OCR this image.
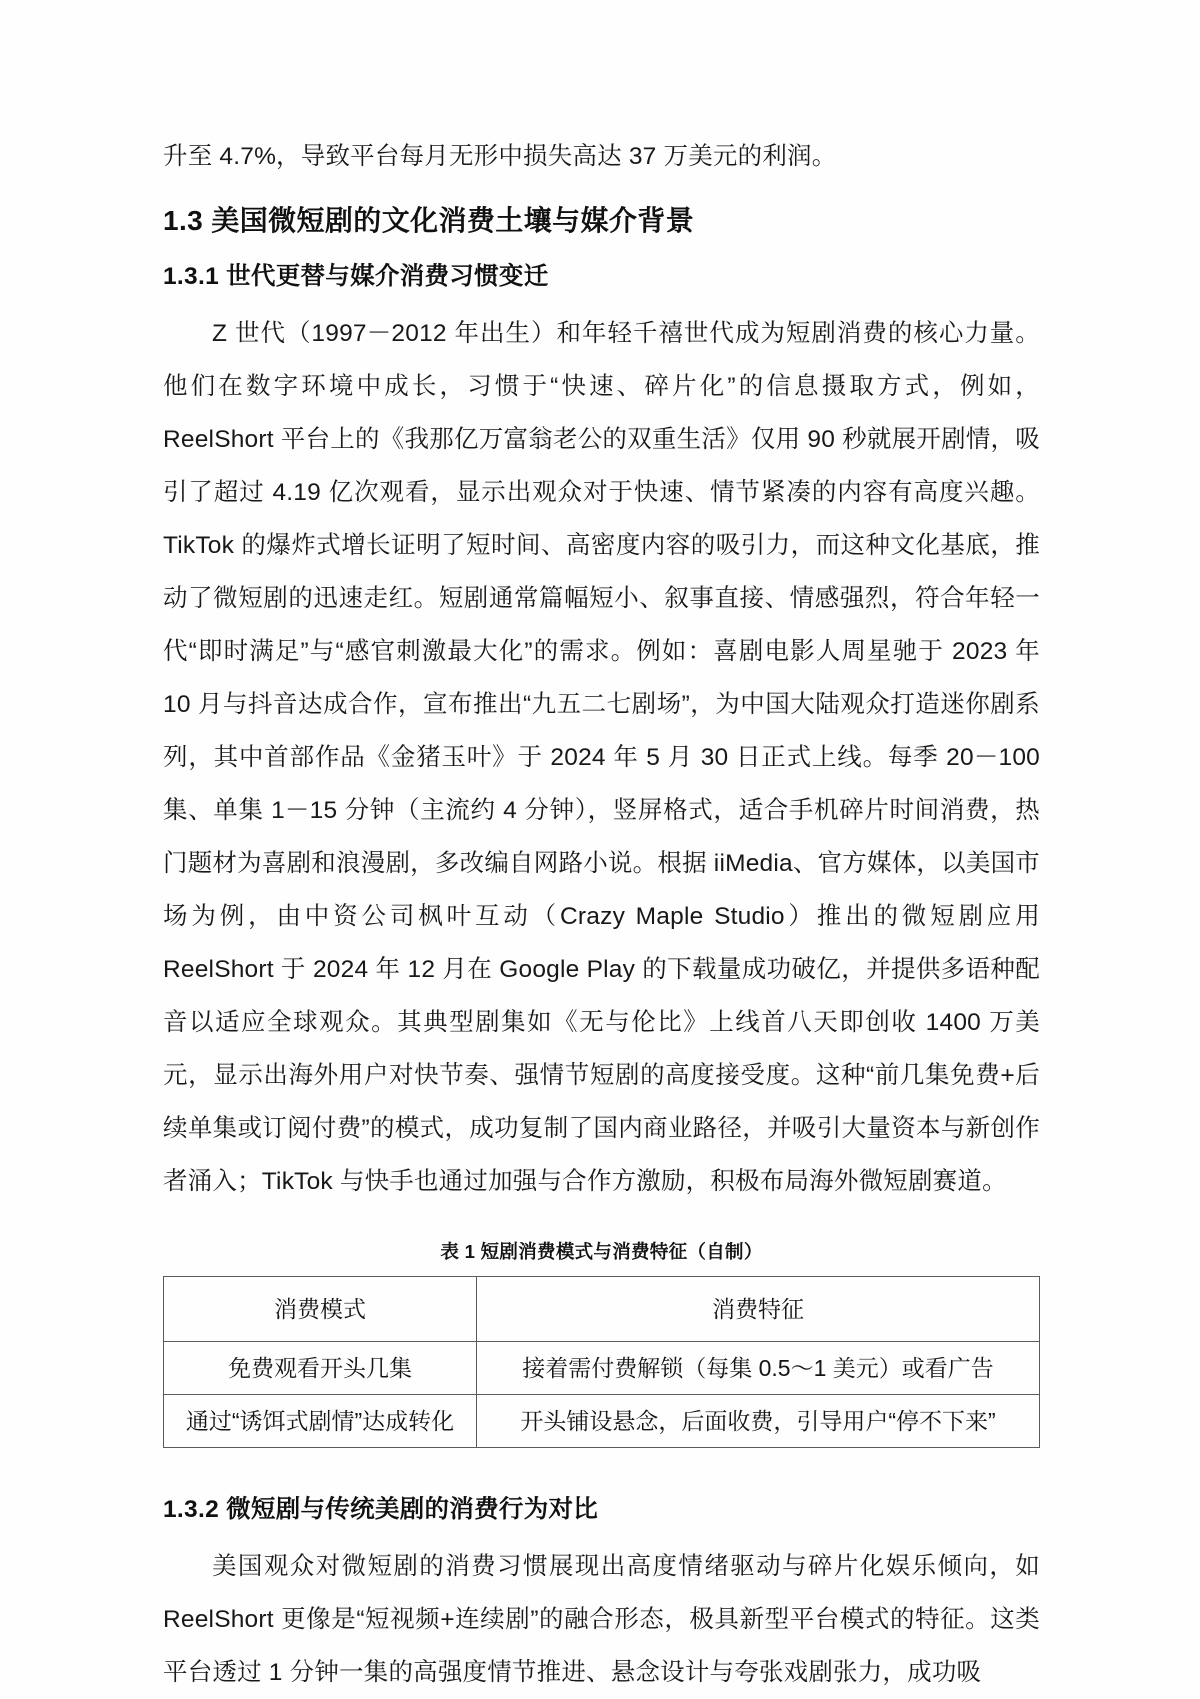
升至 4.7%，导致平台每月无形中损失高达 37 万美元的利润。

1.3 美国微短剧的文化消费土壤与媒介背景
1.3.1 世代更替与媒介消费习惯变迁

Z 世代（1997－2012 年出生）和年轻千禧世代成为短剧消费的核心力量。他们在数字环境中成长，习惯于“快速、碎片化”的信息摄取方式，例如，ReelShort 平台上的《我那亿万富翁老公的双重生活》仅用 90 秒就展开剧情，吸引了超过 4.19 亿次观看，显示出观众对于快速、情节紧凑的内容有高度兴趣。TikTok 的爆炸式增长证明了短时间、高密度内容的吸引力，而这种文化基底，推动了微短剧的迅速走红。短剧通常篇幅短小、叙事直接、情感强烈，符合年轻一代“即时满足”与“感官刺激最大化”的需求。例如：喜剧电影人周星驰于 2023 年 10 月与抖音达成合作，宣布推出“九五二七剧场”，为中国大陆观众打造迷你剧系列，其中首部作品《金猪玉叶》于 2024 年 5 月 30 日正式上线。每季 20－100 集、单集 1－15 分钟（主流约 4 分钟），竖屏格式，适合手机碎片时间消费，热门题材为喜剧和浪漫剧，多改编自网路小说。根据 iiMedia、官方媒体，以美国市场为例，由中资公司枫叶互动（Crazy Maple Studio）推出的微短剧应用 ReelShort 于 2024 年 12 月在 Google Play 的下载量成功破亿，并提供多语种配音以适应全球观众。其典型剧集如《无与伦比》上线首八天即创收 1400 万美元，显示出海外用户对快节奏、强情节短剧的高度接受度。这种“前几集免费+后续单集或订阅付费”的模式，成功复制了国内商业路径，并吸引大量资本与新创作者涌入；TikTok 与快手也通过加强与合作方激励，积极布局海外微短剧赛道。

表 1 短剧消费模式与消费特征（自制）
消费模式	消费特征
免费观看开头几集	接着需付费解锁（每集 0.5～1 美元）或看广告
通过“诱饵式剧情”达成转化	开头铺设悬念，后面收费，引导用户“停不下来”
1.3.2 微短剧与传统美剧的消费行为对比

美国观众对微短剧的消费习惯展现出高度情绪驱动与碎片化娱乐倾向，如 ReelShort 更像是“短视频+连续剧”的融合形态，极具新型平台模式的特征。这类平台透过 1 分钟一集的高强度情节推进、悬念设计与夸张戏剧张力，成功吸
